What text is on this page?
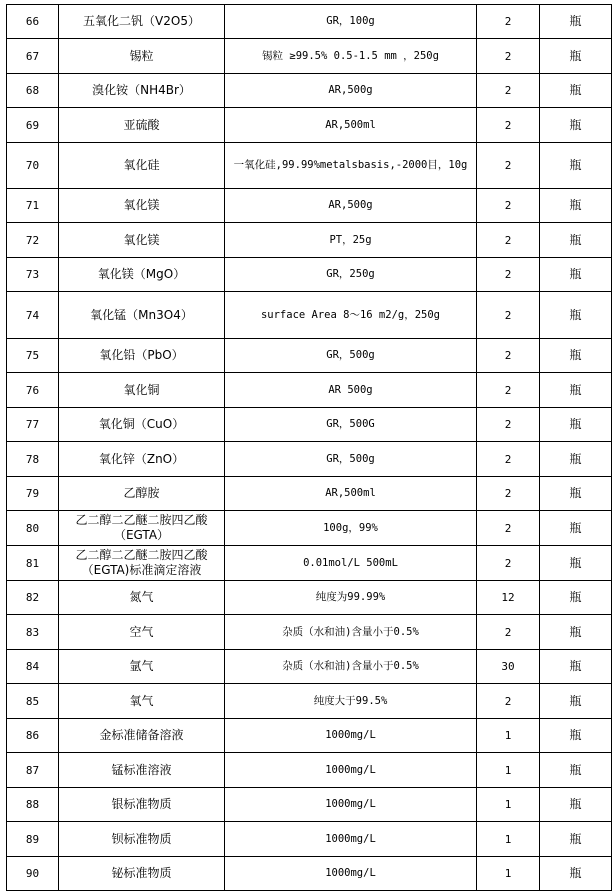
66	五氧化二钒（V2O5）	GR，100g	2	瓶
67	锡粒	锡粒 ≥99.5% 0.5-1.5 mm ，250g	2	瓶
68	溴化铵（NH4Br）	AR,500g	2	瓶
69	亚硫酸	AR,500ml	2	瓶
70	氧化硅	一氧化硅,99.99%metalsbasis,-2000目，10g	2	瓶
71	氧化镁	AR,500g	2	瓶
72	氧化镁	PT，25g	2	瓶
73	氧化镁（MgO）	GR，250g	2	瓶
74	氧化锰（Mn3O4）	surface Area 8～16 m2/g，250g	2	瓶
75	氧化铅（PbO）	GR，500g	2	瓶
76	氧化铜	AR 500g	2	瓶
77	氧化铜（CuO）	GR，500G	2	瓶
78	氧化锌（ZnO）	GR，500g	2	瓶
79	乙醇胺	AR,500ml	2	瓶
80	乙二醇二乙醚二胺四乙酸（EGTA）	100g，99%	2	瓶
81	乙二醇二乙醚二胺四乙酸（EGTA)标准滴定溶液	0.01mol/L 500mL	2	瓶
82	氮气	纯度为99.99%	12	瓶
83	空气	杂质（水和油)含量小于0.5%	2	瓶
84	氩气	杂质（水和油)含量小于0.5%	30	瓶
85	氧气	纯度大于99.5%	2	瓶
86	金标准储备溶液	1000mg/L	1	瓶
87	锰标准溶液	1000mg/L	1	瓶
88	银标准物质	1000mg/L	1	瓶
89	钡标准物质	1000mg/L	1	瓶
90	铋标准物质	1000mg/L	1	瓶
